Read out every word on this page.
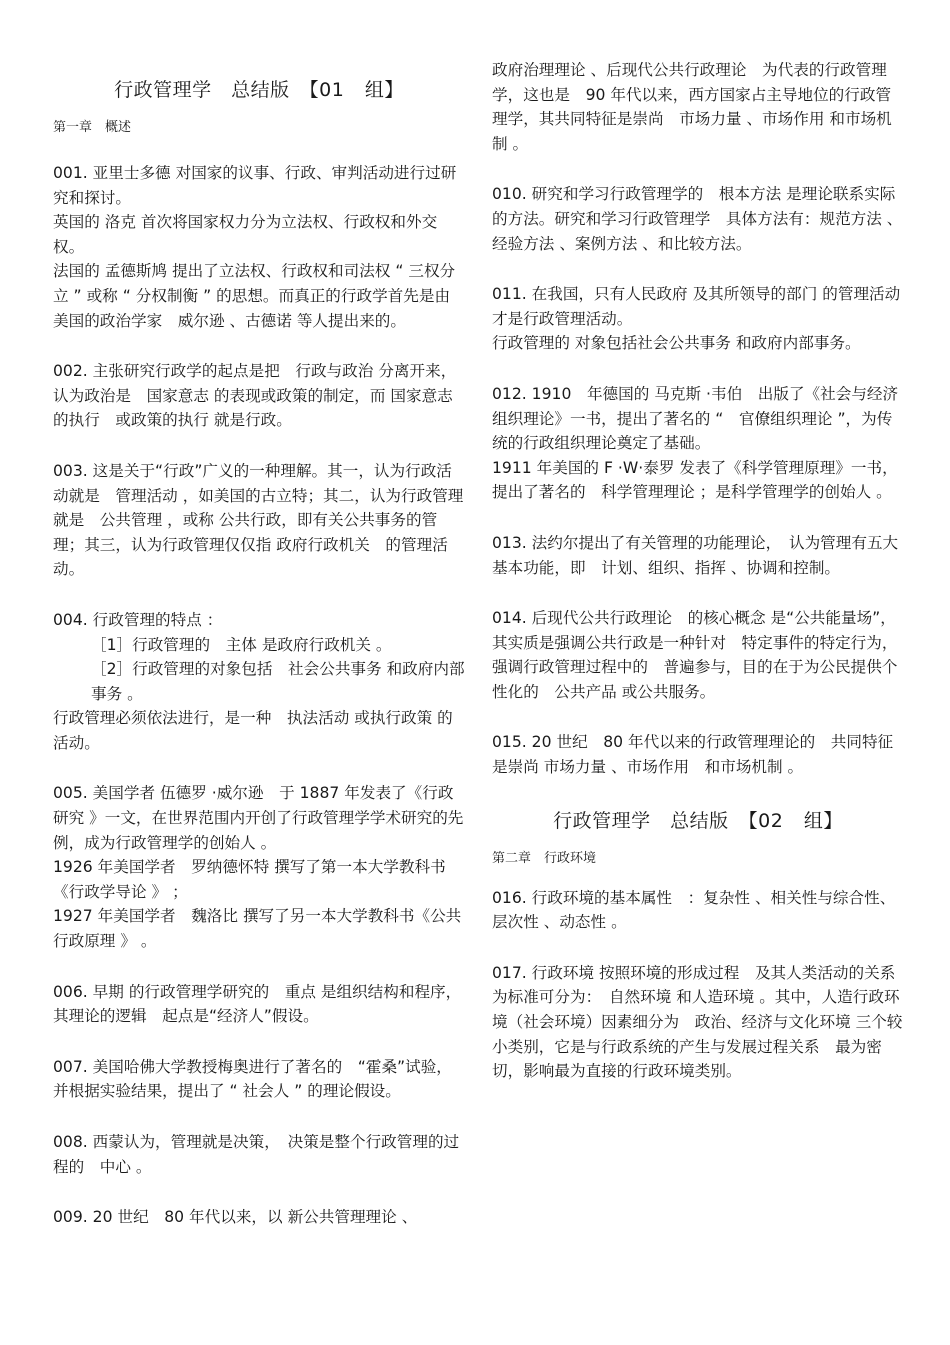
行政管理学　总结版　【01 组】

第一章　概述

001. 亚里士多德 对国家的议事、行政、审判活动进行过研究和探讨。

英国的 洛克 首次将国家权力分为立法权、行政权和外交权。

法国的 孟德斯鸠 提出了立法权、行政权和司法权 “ 三权分立 ” 或称 “ 分权制衡 ” 的思想。而真正的行政学首先是由美国的政治学家　威尔逊 、古德诺 等人提出来的。

002. 主张研究行政学的起点是把　行政与政治 分离开来，认为政治是　国家意志 的表现或政策的制定，而 国家意志的执行　或政策的执行 就是行政。

003. 这是关于“行政”广义的一种理解。其一，认为行政活动就是　管理活动 ，如美国的古立特；其二，认为行政管理就是　公共管理 ，或称 公共行政，即有关公共事务的管理；其三，认为行政管理仅仅指 政府行政机关　的管理活动。

004. 行政管理的特点 ：

［1］行政管理的　主体 是政府行政机关 。

［2］行政管理的对象包括　社会公共事务 和政府内部事务 。

行政管理必须依法进行，是一种　执法活动 或执行政策 的活动。

005. 美国学者 伍德罗 ·威尔逊　于 1887 年发表了《行政研究 》一文，在世界范围内开创了行政管理学学术研究的先例，成为行政管理学的创始人 。

1926 年美国学者　罗纳德怀特 撰写了第一本大学教科书 《行政学导论 》 ；

1927 年美国学者　魏洛比 撰写了另一本大学教科书《公共行政原理 》 。

006. 早期 的行政管理学研究的　重点 是组织结构和程序，其理论的逻辑　起点是“经济人”假设。

007. 美国哈佛大学教授梅奥进行了著名的　“霍桑”试验，并根据实验结果，提出了 “ 社会人 ” 的理论假设。

008. 西蒙认为，管理就是决策，　决策是整个行政管理的过程的　中心 。

009. 20 世纪　80 年代以来，以 新公共管理理论 、

政府治理理论 、后现代公共行政理论　为代表的行政管理学，这也是　90 年代以来，西方国家占主导地位的行政管理学，其共同特征是崇尚　市场力量 、市场作用 和市场机制 。

010. 研究和学习行政管理学的　根本方法 是理论联系实际 的方法。研究和学习行政管理学　具体方法有：规范方法 、经验方法 、案例方法 、和比较方法。

011. 在我国，只有人民政府 及其所领导的部门 的管理活动才是行政管理活动。

行政管理的 对象包括社会公共事务 和政府内部事务。

012. 1910　年德国的 马克斯 ·韦伯　出版了《社会与经济组织理论》一书，提出了著名的 “　官僚组织理论 ”，为传统的行政组织理论奠定了基础。

1911 年美国的 F ·W·泰罗 发表了《科学管理原理》一书，提出了著名的　科学管理理论 ；是科学管理学的创始人 。

013. 法约尔提出了有关管理的功能理论，　认为管理有五大基本功能，即　计划、组织、指挥 、协调和控制。

014. 后现代公共行政理论　的核心概念 是“公共能量场”，其实质是强调公共行政是一种针对　特定事件的特定行为，强调行政管理过程中的　普遍参与，目的在于为公民提供个性化的　公共产品 或公共服务。

015. 20 世纪　80 年代以来的行政管理理论的　共同特征是崇尚 市场力量 、市场作用　和市场机制 。

行政管理学　总结版　【02 组】

第二章　行政环境

016. 行政环境的基本属性　：复杂性 、相关性与综合性、层次性 、动态性 。

017. 行政环境 按照环境的形成过程　及其人类活动的关系 为标准可分为：　自然环境 和人造环境 。其中，人造行政环境（社会环境）因素细分为　政治、经济与文化环境 三个较小类别，它是与行政系统的产生与发展过程关系　最为密切，影响最为直接的行政环境类别。
